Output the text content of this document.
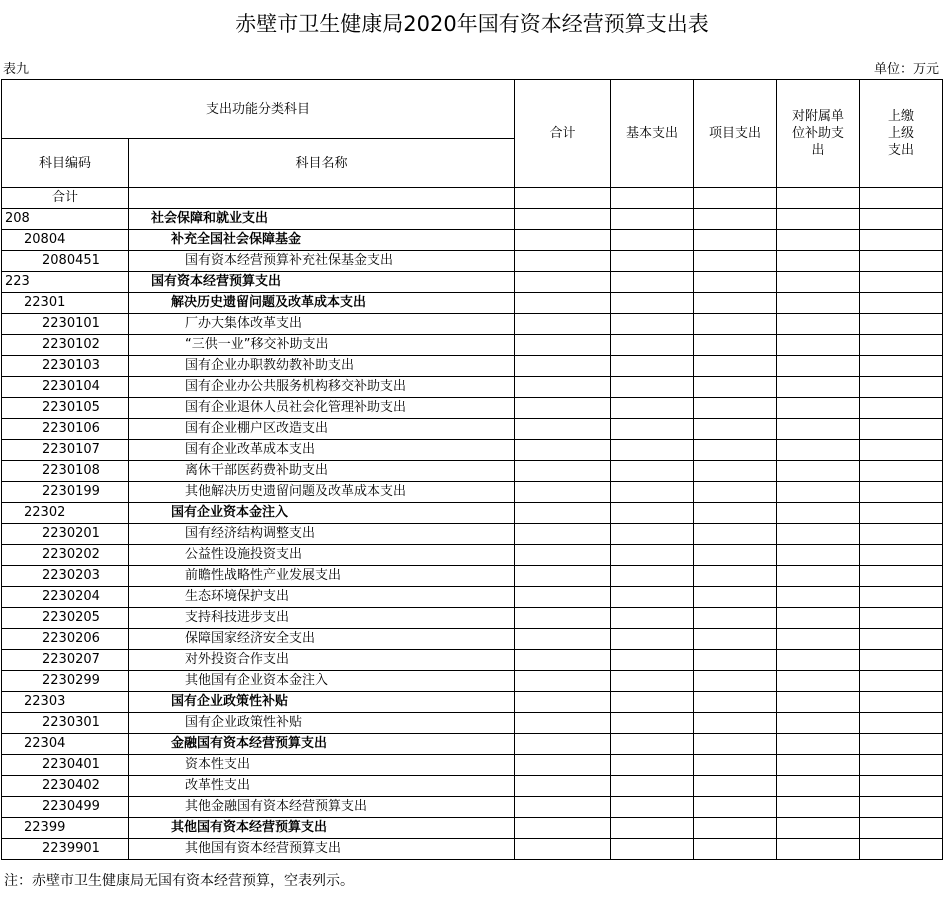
赤壁市卫生健康局2020年国有资本经营预算支出表
表九	单位：万元
支出功能分类科目		合计	基本支出	项目支出	对附属单位补助支出	上缴上级支出
科目编码	科目名称					
合计						
208	社会保障和就业支出					
20804	补充全国社会保障基金					
2080451	国有资本经营预算补充社保基金支出					
223	国有资本经营预算支出					
22301	解决历史遗留问题及改革成本支出					
2230101	厂办大集体改革支出					
2230102	“三供一业”移交补助支出					
2230103	国有企业办职教幼教补助支出					
2230104	国有企业办公共服务机构移交补助支出					
2230105	国有企业退休人员社会化管理补助支出					
2230106	国有企业棚户区改造支出					
2230107	国有企业改革成本支出					
2230108	离休干部医药费补助支出					
2230199	其他解决历史遗留问题及改革成本支出					
22302	国有企业资本金注入					
2230201	国有经济结构调整支出					
2230202	公益性设施投资支出					
2230203	前瞻性战略性产业发展支出					
2230204	生态环境保护支出					
2230205	支持科技进步支出					
2230206	保障国家经济安全支出					
2230207	对外投资合作支出					
2230299	其他国有企业资本金注入					
22303	国有企业政策性补贴					
2230301	国有企业政策性补贴					
22304	金融国有资本经营预算支出					
2230401	资本性支出					
2230402	改革性支出					
2230499	其他金融国有资本经营预算支出					
22399	其他国有资本经营预算支出					
2239901	其他国有资本经营预算支出					
注：赤壁市卫生健康局无国有资本经营预算，空表列示。
